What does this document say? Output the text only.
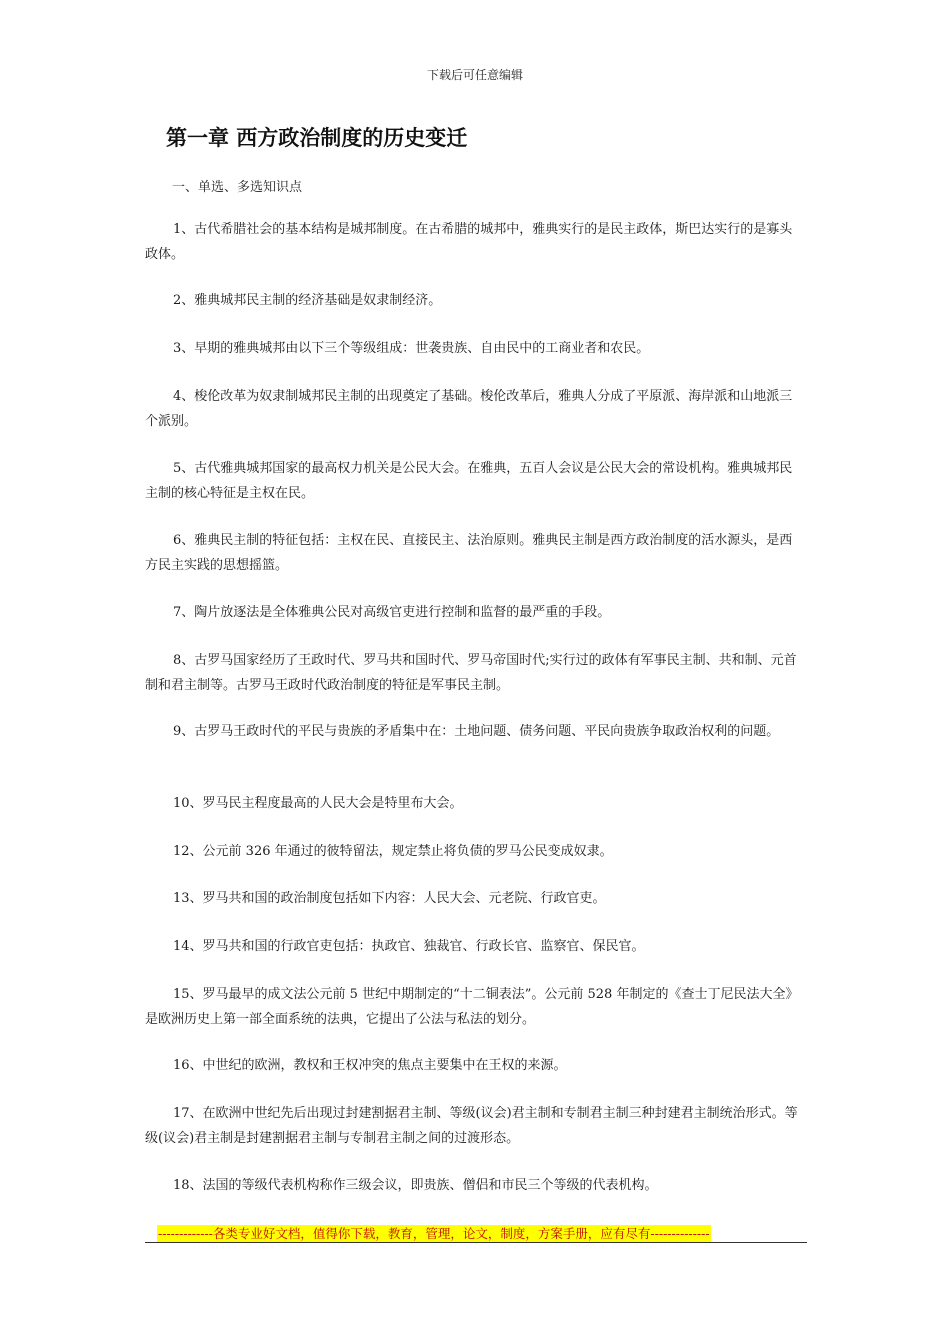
下载后可任意编辑
第一章 西方政治制度的历史变迁
一、单选、多选知识点
1、古代希腊社会的基本结构是城邦制度。在古希腊的城邦中，雅典实行的是民主政体，斯巴达实行的是寡头政体。
2、雅典城邦民主制的经济基础是奴隶制经济。
3、早期的雅典城邦由以下三个等级组成：世袭贵族、自由民中的工商业者和农民。
4、梭伦改革为奴隶制城邦民主制的出现奠定了基础。梭伦改革后，雅典人分成了平原派、海岸派和山地派三个派别。
5、古代雅典城邦国家的最高权力机关是公民大会。在雅典，五百人会议是公民大会的常设机构。雅典城邦民主制的核心特征是主权在民。
6、雅典民主制的特征包括：主权在民、直接民主、法治原则。雅典民主制是西方政治制度的活水源头，是西方民主实践的思想摇篮。
7、陶片放逐法是全体雅典公民对高级官吏进行控制和监督的最严重的手段。
8、古罗马国家经历了王政时代、罗马共和国时代、罗马帝国时代;实行过的政体有军事民主制、共和制、元首制和君主制等。古罗马王政时代政治制度的特征是军事民主制。
9、古罗马王政时代的平民与贵族的矛盾集中在：土地问题、债务问题、平民向贵族争取政治权利的问题。
10、罗马民主程度最高的人民大会是特里布大会。
12、公元前 326 年通过的彼特留法，规定禁止将负债的罗马公民变成奴隶。
13、罗马共和国的政治制度包括如下内容：人民大会、元老院、行政官吏。
14、罗马共和国的行政官吏包括：执政官、独裁官、行政长官、监察官、保民官。
15、罗马最早的成文法公元前 5 世纪中期制定的“十二铜表法”。公元前 528 年制定的《查士丁尼民法大全》是欧洲历史上第一部全面系统的法典，它提出了公法与私法的划分。
16、中世纪的欧洲，教权和王权冲突的焦点主要集中在王权的来源。
17、在欧洲中世纪先后出现过封建割据君主制、等级(议会)君主制和专制君主制三种封建君主制统治形式。等级(议会)君主制是封建割据君主制与专制君主制之间的过渡形态。
18、法国的等级代表机构称作三级会议，即贵族、僧侣和市民三个等级的代表机构。
-------------各类专业好文档，值得你下载，教育，管理，论文，制度，方案手册，应有尽有--------------
